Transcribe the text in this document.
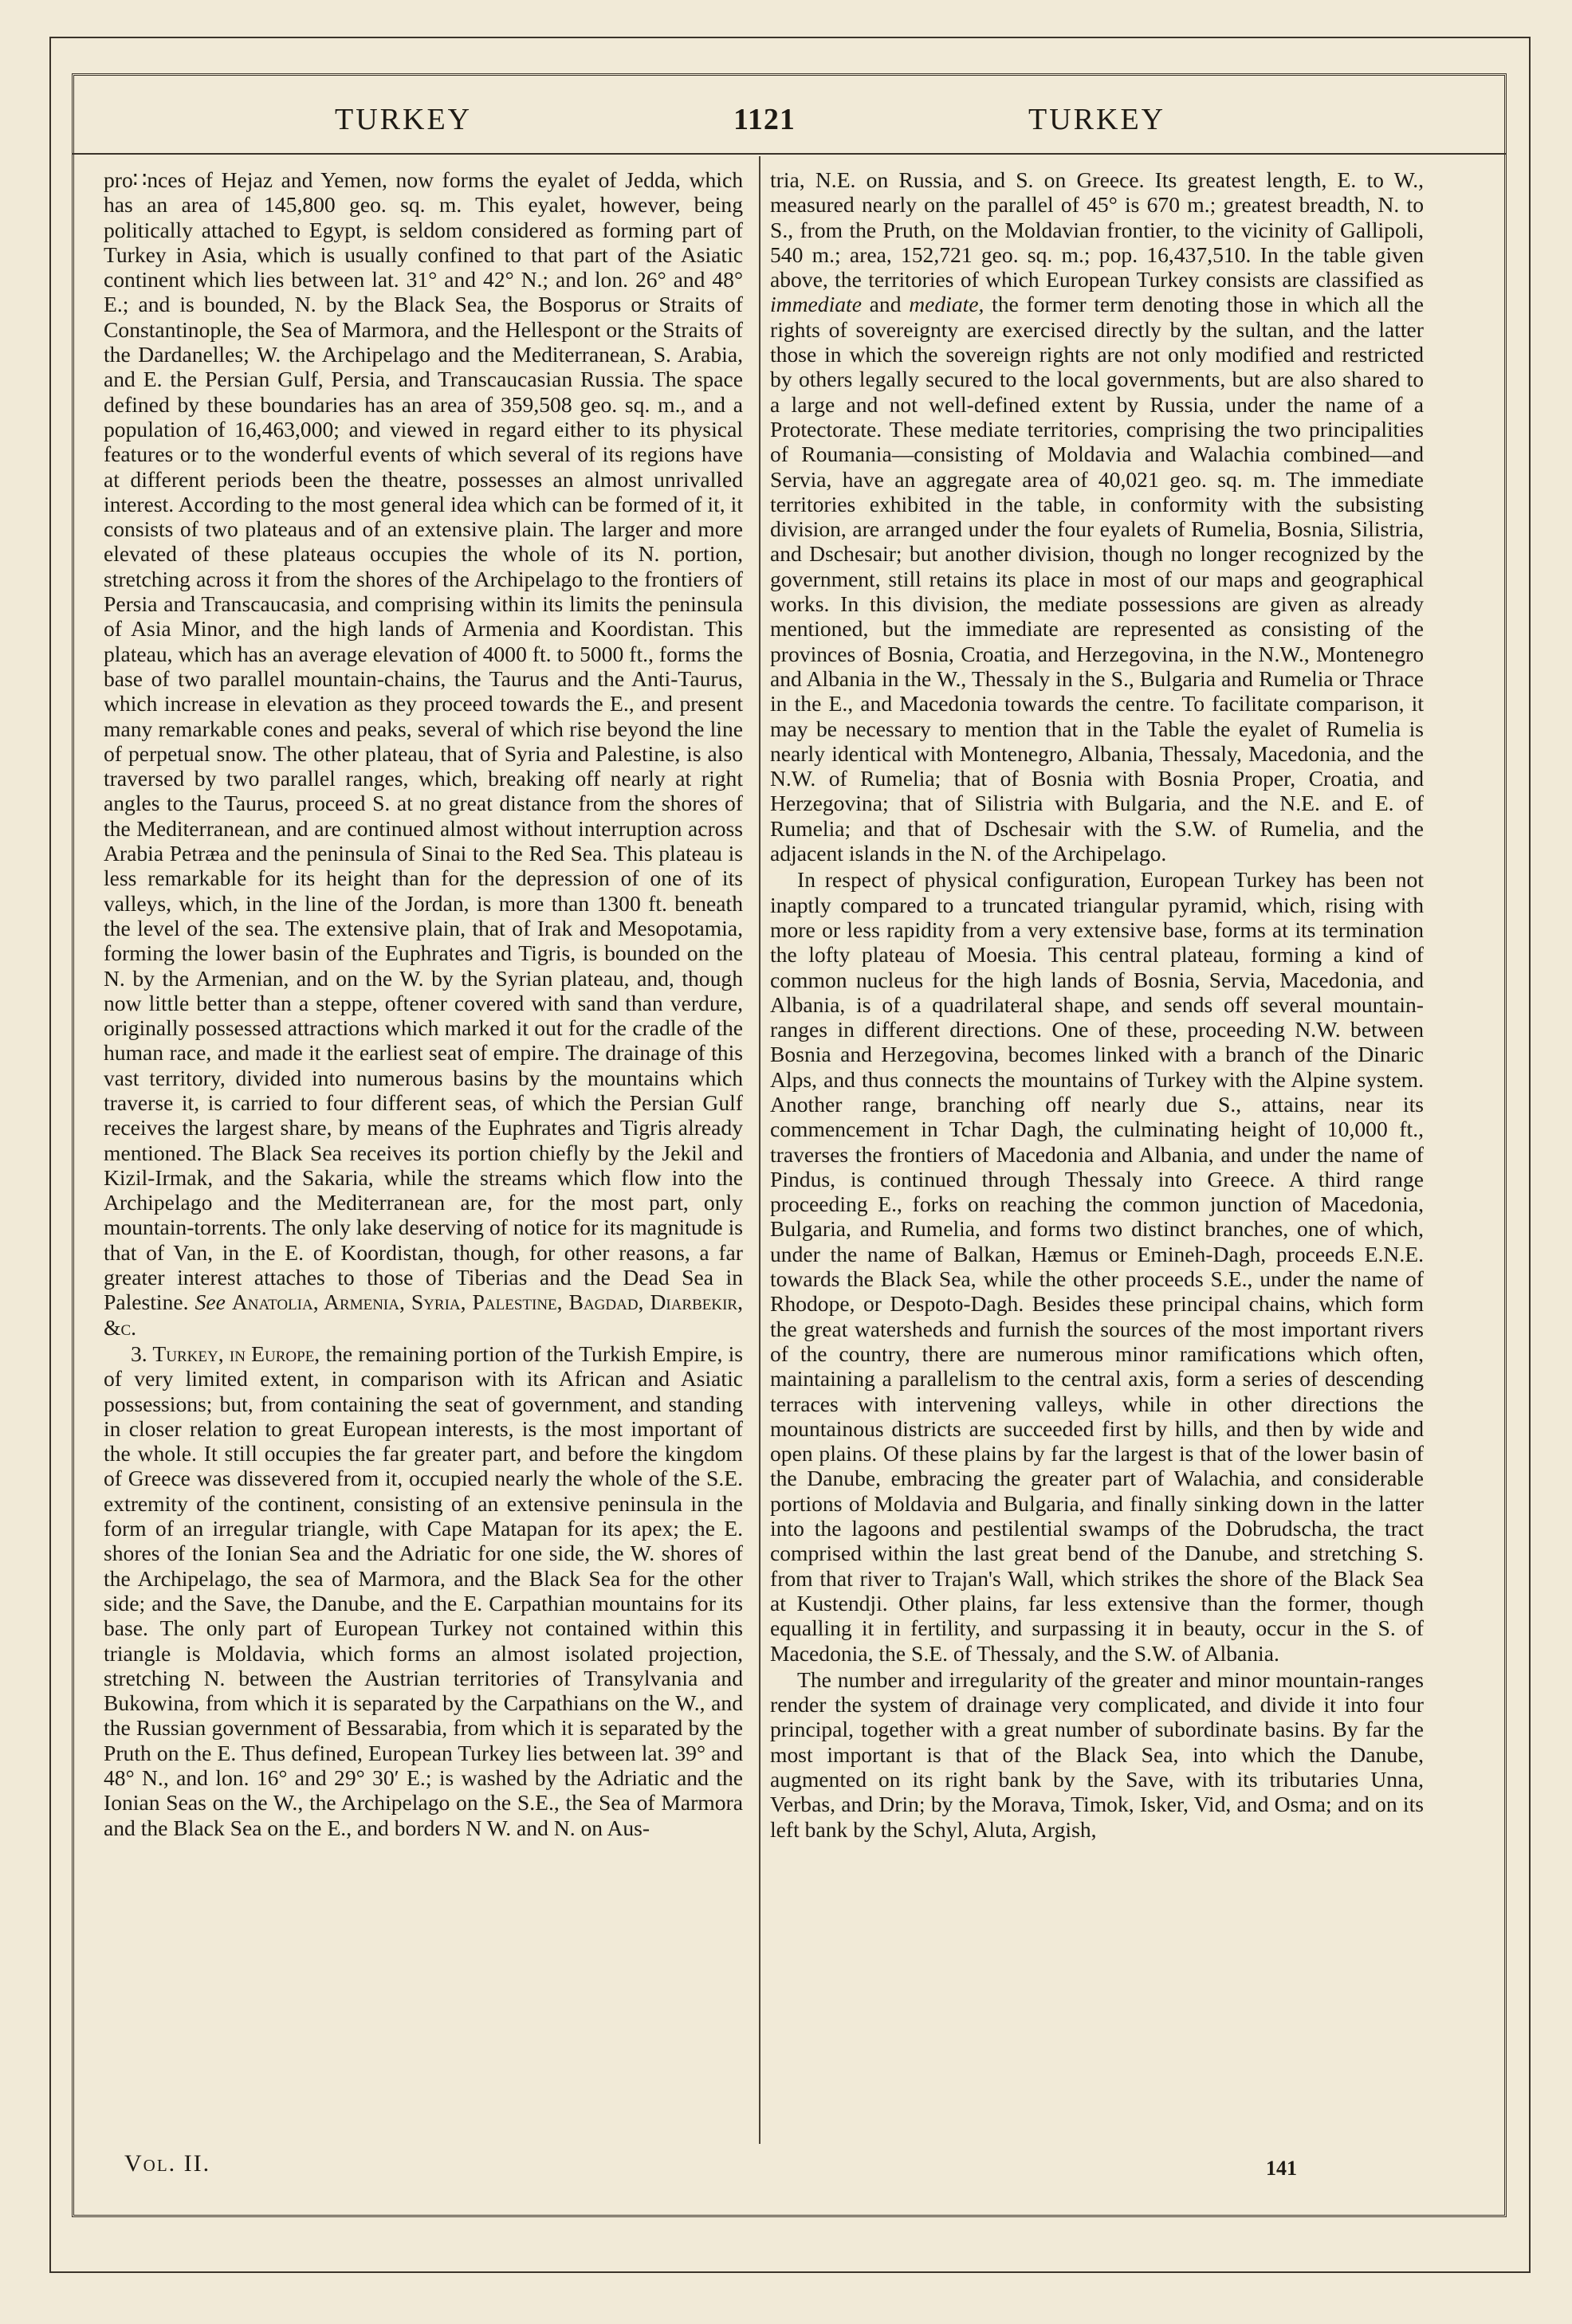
TURKEY	1121	TURKEY

pro∷nces of Hejaz and Yemen, now forms the eyalet of Jedda, which has an area of 145,800 geo. sq. m. This eyalet, however, being politically attached to Egypt, is seldom considered as forming part of Turkey in Asia, which is usually confined to that part of the Asiatic continent which lies between lat. 31° and 42° N.; and lon. 26° and 48° E.; and is bounded, N. by the Black Sea, the Bosporus or Straits of Constantinople, the Sea of Marmora, and the Hellespont or the Straits of the Dardanelles; W. the Archipelago and the Mediterranean, S. Arabia, and E. the Persian Gulf, Persia, and Transcaucasian Russia. The space defined by these boundaries has an area of 359,508 geo. sq. m., and a population of 16,463,000; and viewed in regard either to its physical features or to the wonderful events of which several of its regions have at different periods been the theatre, possesses an almost unrivalled interest. According to the most general idea which can be formed of it, it consists of two plateaus and of an extensive plain. The larger and more elevated of these plateaus occupies the whole of its N. portion, stretching across it from the shores of the Archipelago to the frontiers of Persia and Transcaucasia, and comprising within its limits the peninsula of Asia Minor, and the high lands of Armenia and Koordistan. This plateau, which has an average elevation of 4000 ft. to 5000 ft., forms the base of two parallel mountain-chains, the Taurus and the Anti-Taurus, which increase in elevation as they proceed towards the E., and present many remarkable cones and peaks, several of which rise beyond the line of perpetual snow. The other plateau, that of Syria and Palestine, is also traversed by two parallel ranges, which, breaking off nearly at right angles to the Taurus, proceed S. at no great distance from the shores of the Mediterranean, and are continued almost without interruption across Arabia Petræa and the peninsula of Sinai to the Red Sea. This plateau is less remarkable for its height than for the depression of one of its valleys, which, in the line of the Jordan, is more than 1300 ft. beneath the level of the sea. The extensive plain, that of Irak and Mesopotamia, forming the lower basin of the Euphrates and Tigris, is bounded on the N. by the Armenian, and on the W. by the Syrian plateau, and, though now little better than a steppe, oftener covered with sand than verdure, originally possessed attractions which marked it out for the cradle of the human race, and made it the earliest seat of empire. The drainage of this vast territory, divided into numerous basins by the mountains which traverse it, is carried to four different seas, of which the Persian Gulf receives the largest share, by means of the Euphrates and Tigris already mentioned. The Black Sea receives its portion chiefly by the Jekil and Kizil-Irmak, and the Sakaria, while the streams which flow into the Archipelago and the Mediterranean are, for the most part, only mountain-torrents. The only lake deserving of notice for its magnitude is that of Van, in the E. of Koordistan, though, for other reasons, a far greater interest attaches to those of Tiberias and the Dead Sea in Palestine. See Anatolia, Armenia, Syria, Palestine, Bagdad, Diarbekir, &c.

3. Turkey, in Europe, the remaining portion of the Turkish Empire, is of very limited extent, in comparison with its African and Asiatic possessions; but, from containing the seat of government, and standing in closer relation to great European interests, is the most important of the whole. It still occupies the far greater part, and before the kingdom of Greece was dissevered from it, occupied nearly the whole of the S.E. extremity of the continent, consisting of an extensive peninsula in the form of an irregular triangle, with Cape Matapan for its apex; the E. shores of the Ionian Sea and the Adriatic for one side, the W. shores of the Archipelago, the sea of Marmora, and the Black Sea for the other side; and the Save, the Danube, and the E. Carpathian mountains for its base. The only part of European Turkey not contained within this triangle is Moldavia, which forms an almost isolated projection, stretching N. between the Austrian territories of Transylvania and Bukowina, from which it is separated by the Carpathians on the W., and the Russian government of Bessarabia, from which it is separated by the Pruth on the E. Thus defined, European Turkey lies between lat. 39° and 48° N., and lon. 16° and 29° 30′ E.; is washed by the Adriatic and the Ionian Seas on the W., the Archipelago on the S.E., the Sea of Marmora and the Black Sea on the E., and borders N W. and N. on Aus-

tria, N.E. on Russia, and S. on Greece. Its greatest length, E. to W., measured nearly on the parallel of 45° is 670 m.; greatest breadth, N. to S., from the Pruth, on the Moldavian frontier, to the vicinity of Gallipoli, 540 m.; area, 152,721 geo. sq. m.; pop. 16,437,510. In the table given above, the territories of which European Turkey consists are classified as immediate and mediate, the former term denoting those in which all the rights of sovereignty are exercised directly by the sultan, and the latter those in which the sovereign rights are not only modified and restricted by others legally secured to the local governments, but are also shared to a large and not well-defined extent by Russia, under the name of a Protectorate. These mediate territories, comprising the two principalities of Roumania—consisting of Moldavia and Walachia combined—and Servia, have an aggregate area of 40,021 geo. sq. m. The immediate territories exhibited in the table, in conformity with the subsisting division, are arranged under the four eyalets of Rumelia, Bosnia, Silistria, and Dschesair; but another division, though no longer recognized by the government, still retains its place in most of our maps and geographical works. In this division, the mediate possessions are given as already mentioned, but the immediate are represented as consisting of the provinces of Bosnia, Croatia, and Herzegovina, in the N.W., Montenegro and Albania in the W., Thessaly in the S., Bulgaria and Rumelia or Thrace in the E., and Macedonia towards the centre. To facilitate comparison, it may be necessary to mention that in the Table the eyalet of Rumelia is nearly identical with Montenegro, Albania, Thessaly, Macedonia, and the N.W. of Rumelia; that of Bosnia with Bosnia Proper, Croatia, and Herzegovina; that of Silistria with Bulgaria, and the N.E. and E. of Rumelia; and that of Dschesair with the S.W. of Rumelia, and the adjacent islands in the N. of the Archipelago.

In respect of physical configuration, European Turkey has been not inaptly compared to a truncated triangular pyramid, which, rising with more or less rapidity from a very extensive base, forms at its termination the lofty plateau of Moesia. This central plateau, forming a kind of common nucleus for the high lands of Bosnia, Servia, Macedonia, and Albania, is of a quadrilateral shape, and sends off several mountain-ranges in different directions. One of these, proceeding N.W. between Bosnia and Herzegovina, becomes linked with a branch of the Dinaric Alps, and thus connects the mountains of Turkey with the Alpine system. Another range, branching off nearly due S., attains, near its commencement in Tchar Dagh, the culminating height of 10,000 ft., traverses the frontiers of Macedonia and Albania, and under the name of Pindus, is continued through Thessaly into Greece. A third range proceeding E., forks on reaching the common junction of Macedonia, Bulgaria, and Rumelia, and forms two distinct branches, one of which, under the name of Balkan, Hæmus or Emineh-Dagh, proceeds E.N.E. towards the Black Sea, while the other proceeds S.E., under the name of Rhodope, or Despoto-Dagh. Besides these principal chains, which form the great watersheds and furnish the sources of the most important rivers of the country, there are numerous minor ramifications which often, maintaining a parallelism to the central axis, form a series of descending terraces with intervening valleys, while in other directions the mountainous districts are succeeded first by hills, and then by wide and open plains. Of these plains by far the largest is that of the lower basin of the Danube, embracing the greater part of Walachia, and considerable portions of Moldavia and Bulgaria, and finally sinking down in the latter into the lagoons and pestilential swamps of the Dobrudscha, the tract comprised within the last great bend of the Danube, and stretching S. from that river to Trajan's Wall, which strikes the shore of the Black Sea at Kustendji. Other plains, far less extensive than the former, though equalling it in fertility, and surpassing it in beauty, occur in the S. of Macedonia, the S.E. of Thessaly, and the S.W. of Albania.

The number and irregularity of the greater and minor mountain-ranges render the system of drainage very complicated, and divide it into four principal, together with a great number of subordinate basins. By far the most important is that of the Black Sea, into which the Danube, augmented on its right bank by the Save, with its tributaries Unna, Verbas, and Drin; by the Morava, Timok, Isker, Vid, and Osma; and on its left bank by the Schyl, Aluta, Argish,

Vol. II.	141
